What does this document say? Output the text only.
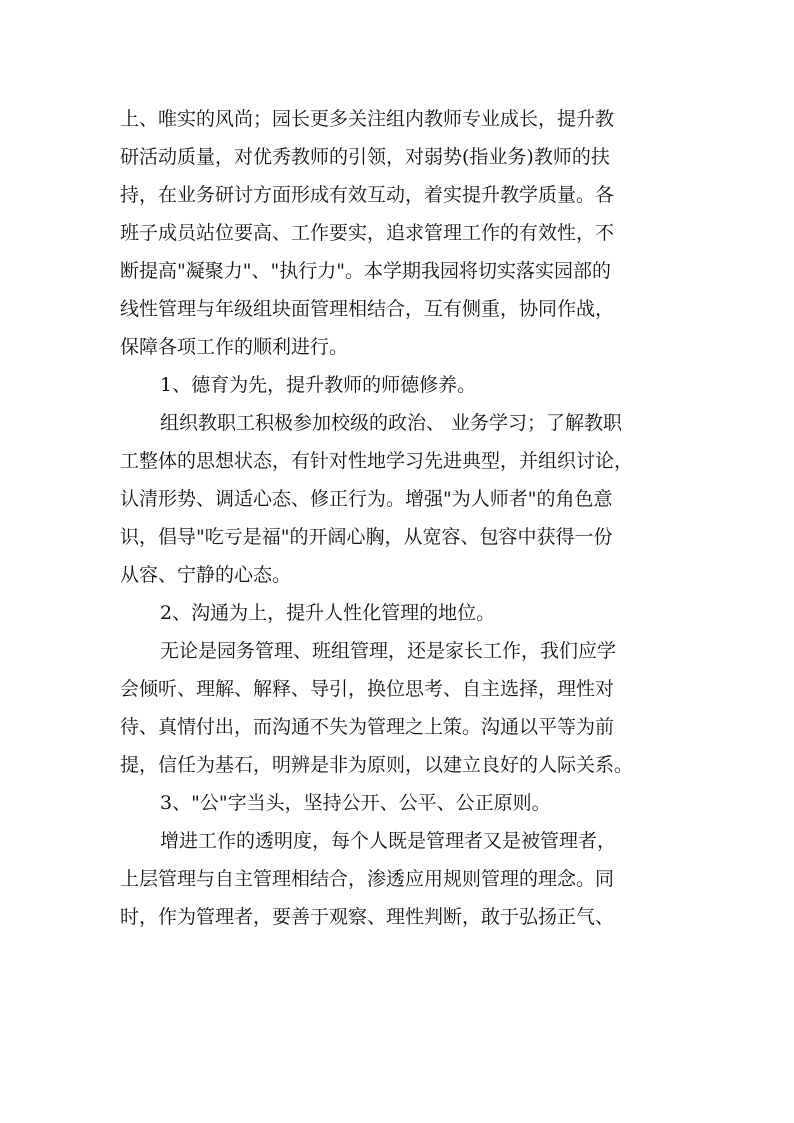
上、唯实的风尚；园长更多关注组内教师专业成长，提升教
研活动质量，对优秀教师的引领，对弱势(指业务)教师的扶
持，在业务研讨方面形成有效互动，着实提升教学质量。各
班子成员站位要高、工作要实，追求管理工作的有效性，不
断提高"凝聚力"、"执行力"。本学期我园将切实落实园部的
线性管理与年级组块面管理相结合，互有侧重，协同作战，
保障各项工作的顺利进行。
1、德育为先，提升教师的师德修养。
组织教职工积极参加校级的政治、 业务学习；了解教职
工整体的思想状态，有针对性地学习先进典型，并组织讨论，
认清形势、调适心态、修正行为。增强"为人师者"的角色意
识，倡导"吃亏是福"的开阔心胸，从宽容、包容中获得一份
从容、宁静的心态。
2、沟通为上，提升人性化管理的地位。
无论是园务管理、班组管理，还是家长工作，我们应学
会倾听、理解、解释、导引，换位思考、自主选择，理性对
待、真情付出，而沟通不失为管理之上策。沟通以平等为前
提，信任为基石，明辨是非为原则，以建立良好的人际关系。
3、"公"字当头，坚持公开、公平、公正原则。
增进工作的透明度，每个人既是管理者又是被管理者，
上层管理与自主管理相结合，渗透应用规则管理的理念。同
时，作为管理者，要善于观察、理性判断，敢于弘扬正气、
